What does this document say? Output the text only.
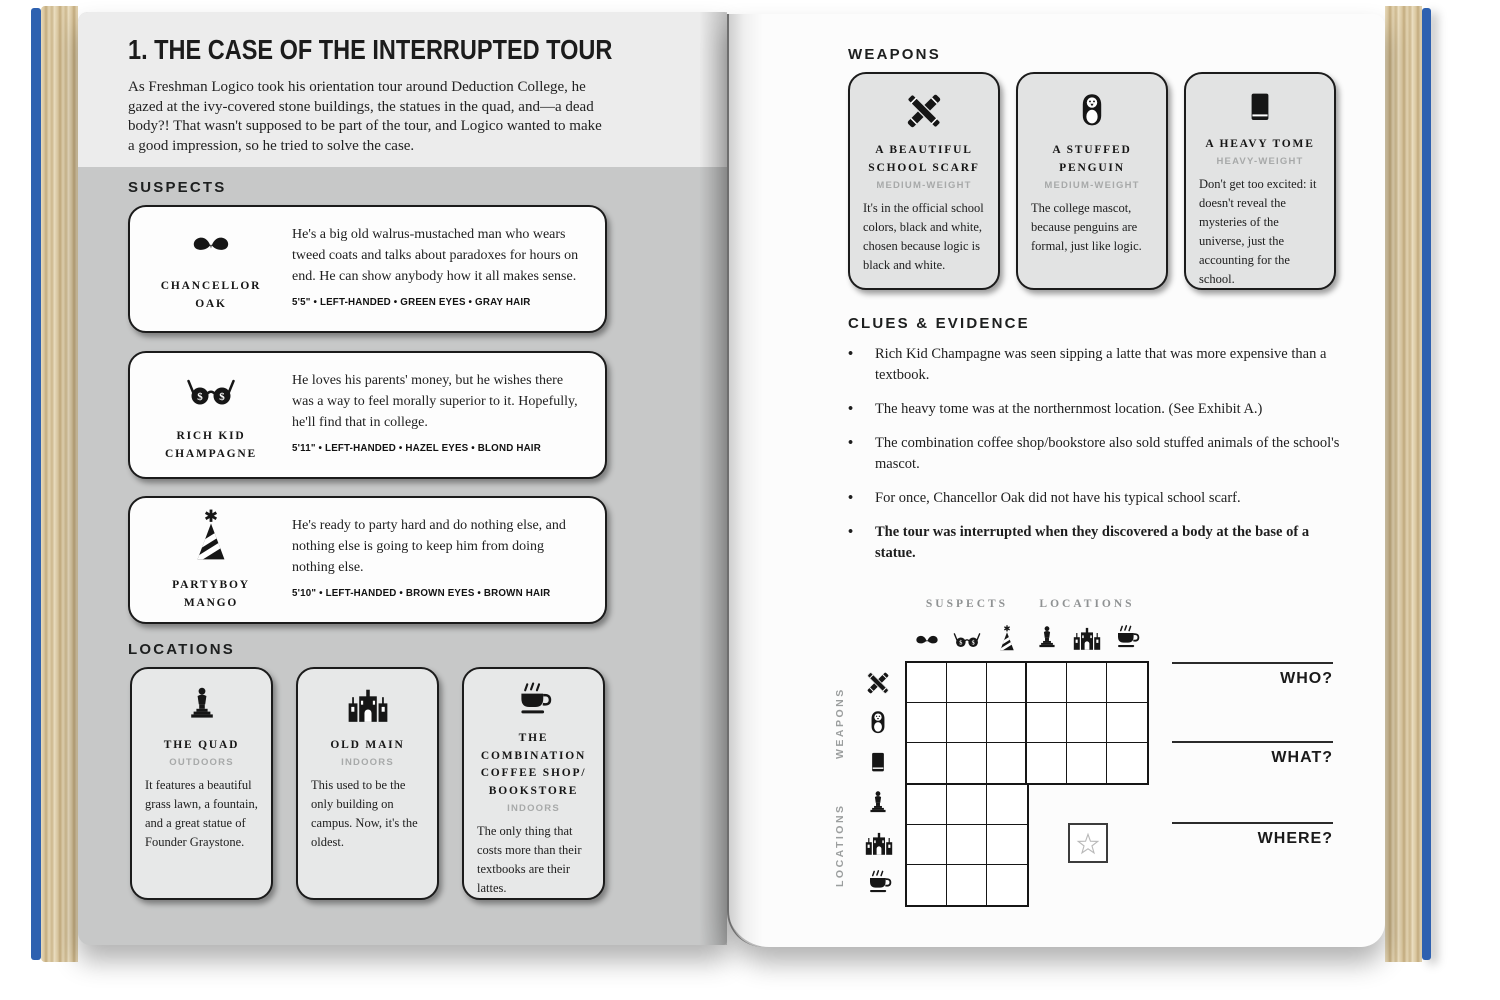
1. THE CASE OF THE INTERRUPTED TOUR
As Freshman Logico took his orientation tour around Deduction College, he gazed at the ivy-covered stone buildings, the statues in the quad, and—a dead body?! That wasn't supposed to be part of the tour, and Logico wanted to make a good impression, so he tried to solve the case.
SUSPECTS
CHANCELLOR OAK
He's a big old walrus-mustached man who wears tweed coats and talks about paradoxes for hours on end. He can show anybody how it all makes sense.
5'5" • LEFT-HANDED • GREEN EYES • GRAY HAIR
RICH KID CHAMPAGNE
He loves his parents' money, but he wishes there was a way to feel morally superior to it. Hopefully, he'll find that in college.
5'11" • LEFT-HANDED • HAZEL EYES • BLOND HAIR
PARTYBOY MANGO
He's ready to party hard and do nothing else, and nothing else is going to keep him from doing nothing else.
5'10" • LEFT-HANDED • BROWN EYES • BROWN HAIR
LOCATIONS
THE QUAD
OUTDOORS
It features a beautiful grass lawn, a fountain, and a great statue of Founder Graystone.
OLD MAIN
INDOORS
This used to be the only building on campus. Now, it's the oldest.
THE COMBINATION COFFEE SHOP/​BOOKSTORE
INDOORS
The only thing that costs more than their textbooks are their lattes.
WEAPONS
A BEAUTIFUL SCHOOL SCARF
MEDIUM-WEIGHT
It's in the official school colors, black and white, chosen because logic is black and white.
A STUFFED PENGUIN
MEDIUM-WEIGHT
The college mascot, because penguins are formal, just like logic.
A HEAVY TOME
HEAVY-WEIGHT
Don't get too excited: it doesn't reveal the mysteries of the universe, just the accounting for the school.
CLUES & EVIDENCE
•	Rich Kid Champagne was seen sipping a latte that was more expensive than a textbook.
•	The heavy tome was at the northernmost location. (See Exhibit A.)
•	The combination coffee shop/bookstore also sold stuffed animals of the school's mascot.
•	For once, Chancellor Oak did not have his typical school scarf.
•	The tour was interrupted when they discovered a body at the base of a statue.
SUSPECTS	LOCATIONS
WEAPONS
LOCATIONS
WHO?
WHAT?
WHERE?
